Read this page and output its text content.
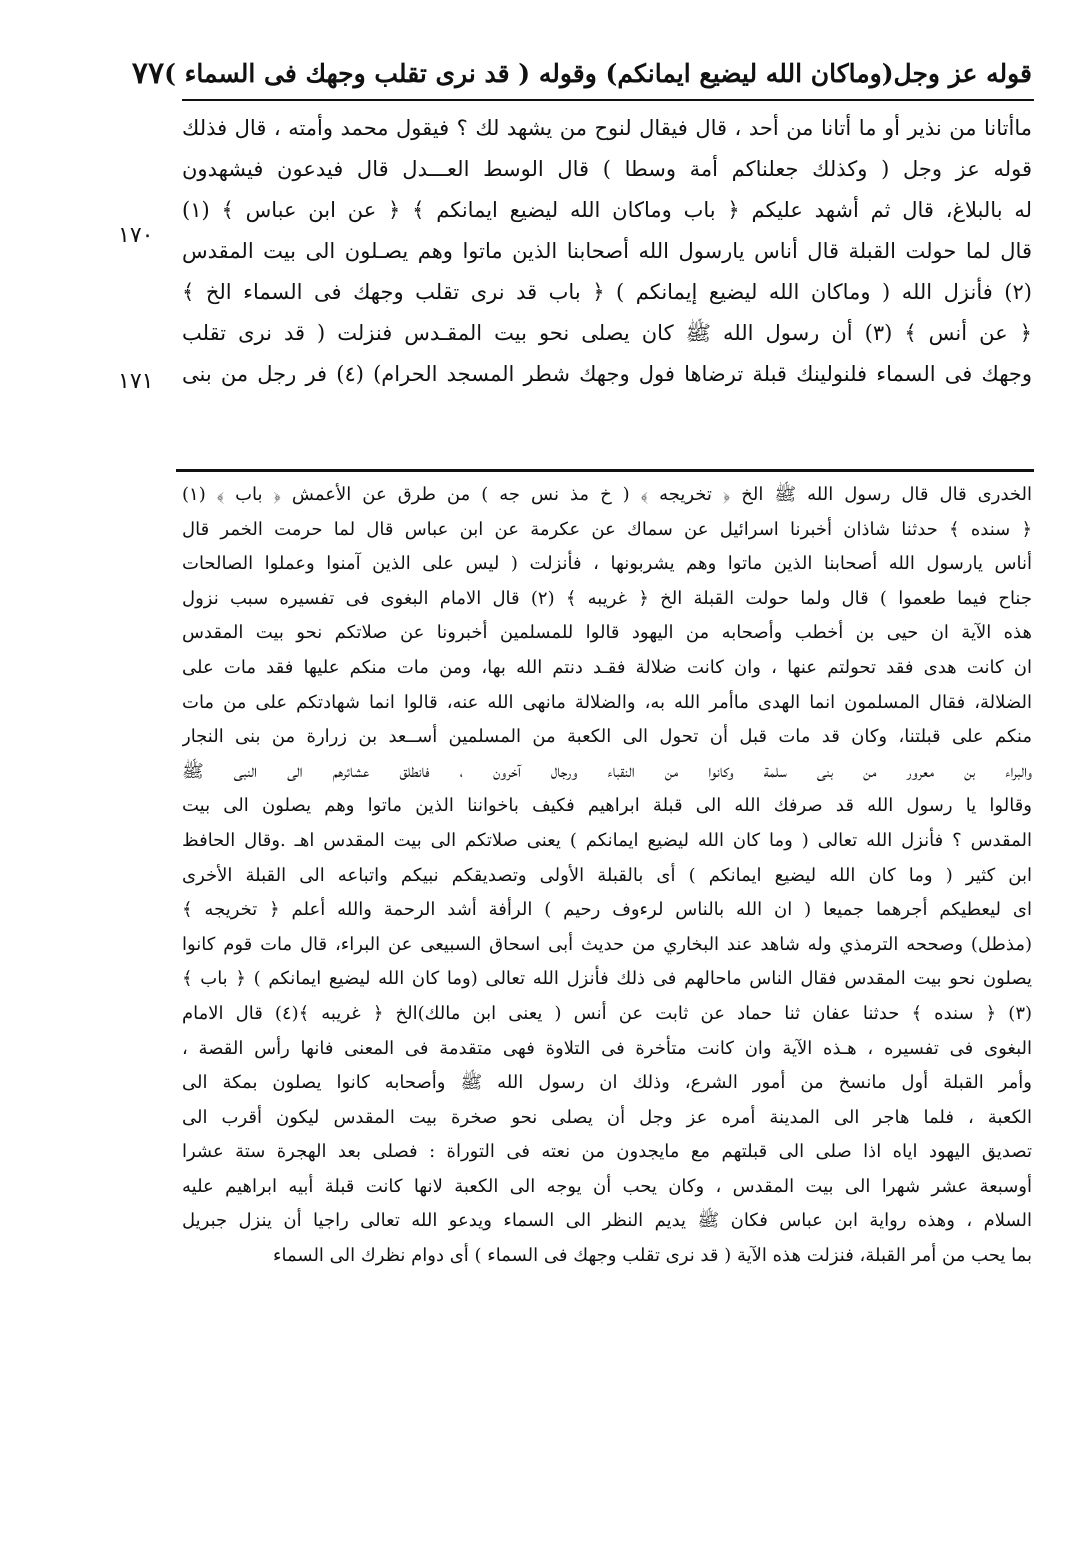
قوله عز وجل(وماكان الله ليضيع ايمانكم) وقوله ( قد نرى تقلب وجهك فى السماء )
٧٧
١٧٠
١٧١
ماأتانا من نذير أو ما أتانا من أحد ، قال فيقال لنوح من يشهد لك ؟ فيقول محمد وأمته ، قال فذلك
قوله عز وجل ( وكذلك جعلناكم أمة وسطا ) قال الوسط العـــدل قال فيدعون فيشهدون
له بالبلاغ، قال ثم أشهد عليكم ﴿ باب وماكان الله ليضيع ايمانكم ﴾ ﴿ عن ابن عباس ﴾ (١)
قال لما حولت القبلة قال أناس يارسول الله أصحابنا الذين ماتوا وهم يصـلون الى بيت المقدس
(٢) فأنزل الله ( وماكان الله ليضيع إيمانكم ) ﴿ باب قد نرى تقلب وجهك فى السماء الخ ﴾
﴿ عن أنس ﴾ (٣) أن رسول الله ﷺ كان يصلى نحو بيت المقـدس فنزلت ( قد نرى تقلب
وجهك فى السماء فلنولينك قبلة ترضاها فول وجهك شطر المسجد الحرام) (٤) فر رجل من بنى
الخدرى قال قال رسول الله ﷺ الخ ﴿ تخريجه ﴾ ( خ مذ نس جه ) من طرق عن الأعمش ﴿ باب ﴾ (١)
﴿ سنده ﴾ حدثنا شاذان أخبرنا اسرائيل عن سماك عن عكرمة عن ابن عباس قال لما حرمت الخمر قال
أناس يارسول الله أصحابنا الذين ماتوا وهم يشربونها ، فأنزلت ( ليس على الذين آمنوا وعملوا الصالحات
جناح فيما طعموا ) قال ولما حولت القبلة الخ ﴿ غريبه ﴾ (٢) قال الامام البغوى فى تفسيره سبب نزول
هذه الآية ان حيى بن أخطب وأصحابه من اليهود قالوا للمسلمين أخبرونا عن صلاتكم نحو بيت المقدس
ان كانت هدى فقد تحولتم عنها ، وان كانت ضلالة فقـد دنتم الله بها، ومن مات منكم عليها فقد مات على
الضلالة، فقال المسلمون انما الهدى ماأمر الله به، والضلالة مانهى الله عنه، قالوا انما شهادتكم على من مات
منكم على قبلتنا، وكان قد مات قبل أن تحول الى الكعبة من المسلمين أســعد بن زرارة من بنى النجار
والبراء بن معرور من بنى سلمة وكانوا من النقباء ورجال آخرون ، فانطلق عشائرهم الى النبى ﷺ
وقالوا يا رسول الله قد صرفك الله الى قبلة ابراهيم فكيف باخواننا الذين ماتوا وهم يصلون الى بيت
المقدس ؟ فأنزل الله تعالى ( وما كان الله ليضيع ايمانكم ) يعنى صلاتكم الى بيت المقدس اهـ .وقال الحافظ
ابن كثير ( وما كان الله ليضيع ايمانكم ) أى بالقبلة الأولى وتصديقكم نبيكم واتباعه الى القبلة الأخرى
اى ليعطيكم أجرهما جميعا ( ان الله بالناس لرءوف رحيم ) الرأفة أشد الرحمة والله أعلم ﴿ تخريجه ﴾
(مذطل) وصححه الترمذي وله شاهد عند البخاري من حديث أبى اسحاق السبيعى عن البراء، قال مات قوم كانوا
يصلون نحو بيت المقدس فقال الناس ماحالهم فى ذلك فأنزل الله تعالى (وما كان الله ليضيع ايمانكم ) ﴿ باب ﴾
(٣) ﴿ سنده ﴾ حدثنا عفان ثنا حماد عن ثابت عن أنس ( يعنى ابن مالك)الخ ﴿ غريبه ﴾(٤) قال الامام
البغوى فى تفسيره ، هـذه الآية وان كانت متأخرة فى التلاوة فهى متقدمة فى المعنى فانها رأس القصة ،
وأمر القبلة أول مانسخ من أمور الشرع، وذلك ان رسول الله ﷺ وأصحابه كانوا يصلون بمكة الى
الكعبة ، فلما هاجر الى المدينة أمره عز وجل أن يصلى نحو صخرة بيت المقدس ليكون أقرب الى
تصديق اليهود اياه اذا صلى الى قبلتهم مع مايجدون من نعته فى التوراة : فصلى بعد الهجرة ستة عشرا
أوسبعة عشر شهرا الى بيت المقدس ، وكان يحب أن يوجه الى الكعبة لانها كانت قبلة أبيه ابراهيم عليه
السلام ، وهذه رواية ابن عباس فكان ﷺ يديم النظر الى السماء ويدعو الله تعالى راجيا أن ينزل جبريل
بما يحب من أمر القبلة، فنزلت هذه الآية ( قد نرى تقلب وجهك فى السماء ) أى دوام نظرك الى السماء
